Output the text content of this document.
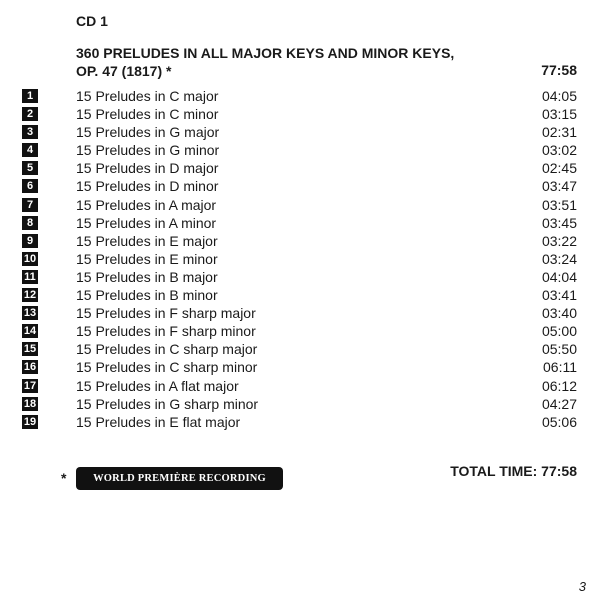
CD 1
360 PRELUDES IN ALL MAJOR KEYS AND MINOR KEYS, OP. 47 (1817) *	77:58
1	15 Preludes in C major	04:05
2	15 Preludes in C minor	03:15
3	15 Preludes in G major	02:31
4	15 Preludes in G minor	03:02
5	15 Preludes in D major	02:45
6	15 Preludes in D minor	03:47
7	15 Preludes in A major	03:51
8	15 Preludes in A minor	03:45
9	15 Preludes in E major	03:22
10	15 Preludes in E minor	03:24
11	15 Preludes in B major	04:04
12	15 Preludes in B minor	03:41
13	15 Preludes in F sharp major	03:40
14	15 Preludes in F sharp minor	05:00
15	15 Preludes in C sharp major	05:50
16	15 Preludes in C sharp minor	06:11
17	15 Preludes in A flat major	06:12
18	15 Preludes in G sharp minor	04:27
19	15 Preludes in E flat major	05:06
*	WORLD PREMIÈRE RECORDING	TOTAL TIME: 77:58
3
